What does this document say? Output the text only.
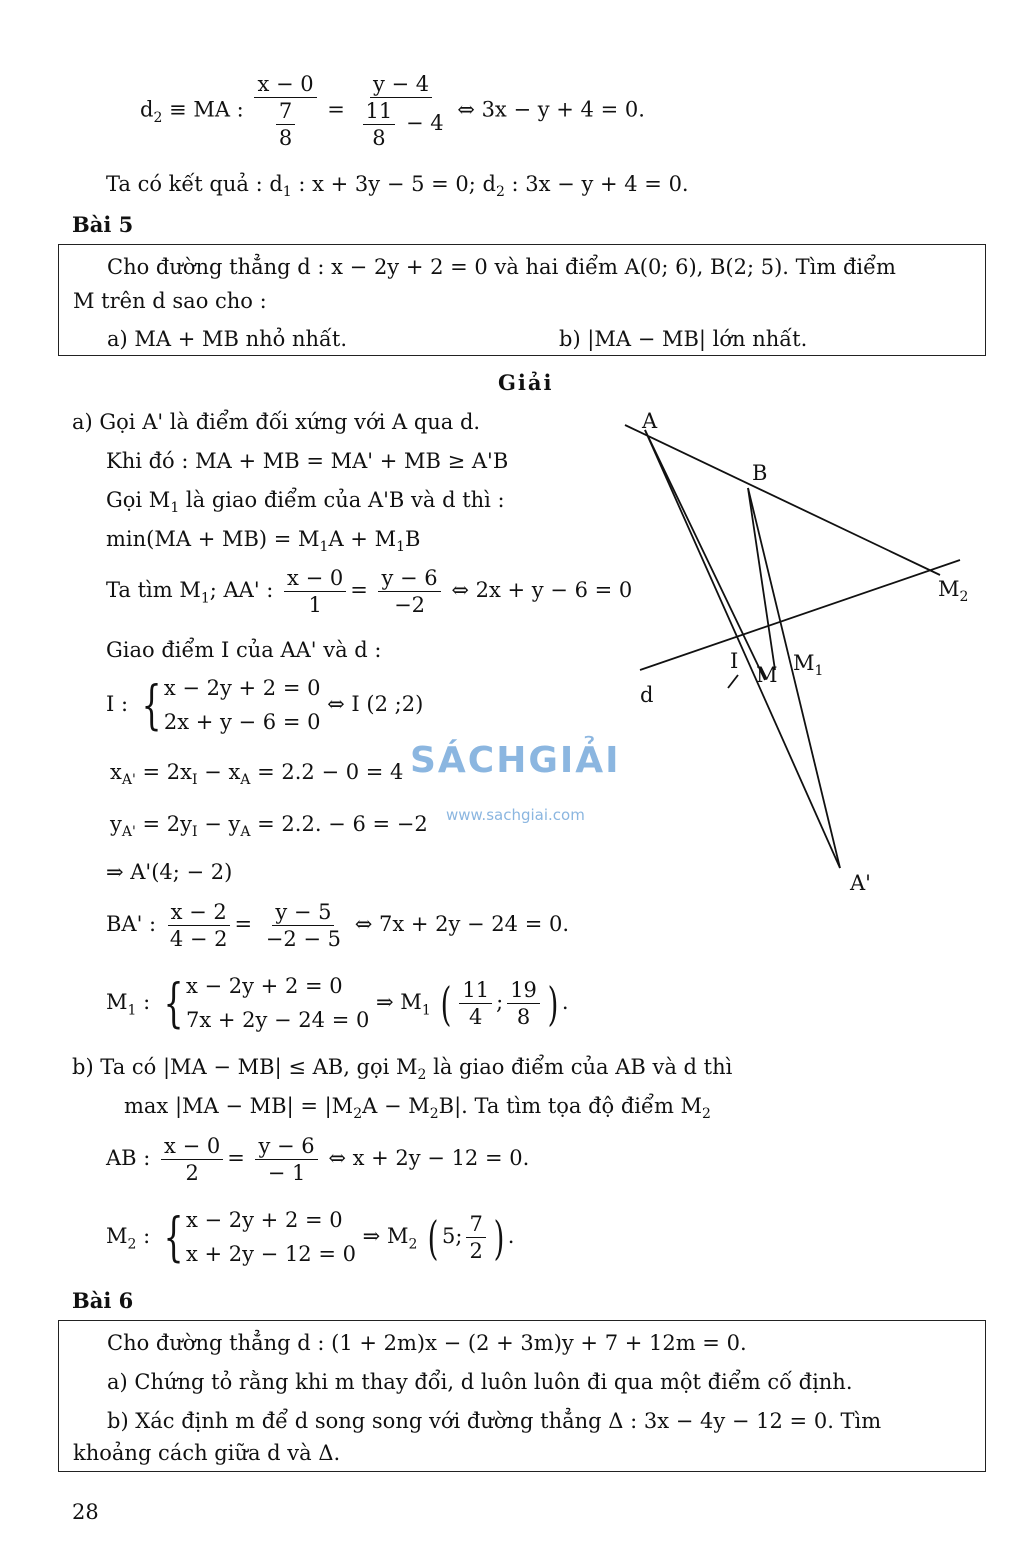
$d_2$ ≡ MA : $\frac{x - 0}{\frac{7}{8}} = \frac{y - 4}{\frac{11}{8} - 4}$ ⇔ 3x − y + 4 = 0.
Ta có kết quả : $d_1$ : x + 3y − 5 = 0; $d_2$ : 3x − y + 4 = 0.
Bài 5
Cho đường thẳng d : x − 2y + 2 = 0 và hai điểm A(0; 6), B(2; 5). Tìm điểm
M trên d sao cho :
a) MA + MB nhỏ nhất.	b) |MA − MB| lớn nhất.
Giải
a) Gọi A' là điểm đối xứng với A qua d.
Khi đó : MA + MB = MA' + MB ≥ A'B
Gọi $M_1$ là giao điểm của A'B và d thì :
$\min(MA + MB) = M_1A + M_1B$
Ta tìm $M_1$; AA' : $\frac{x - 0}{1} = \frac{y - 6}{-2}$ ⇔ 2x + y − 6 = 0
Giao điểm I của AA' và d :
I : { x − 2y + 2 = 0
2x + y − 6 = 0
⇔ I (2 ;2)
$x_{A'} = 2x_I - x_A = 2.2 - 0 = 4$
$y_{A'} = 2y_I - y_A = 2.2$. − 6 = −2
⇒ A'(4; − 2)
BA' : $\frac{x - 2}{4 - 2} = \frac{y - 5}{-2 - 5}$ ⇔ 7x + 2y − 24 = 0.
$M_1$ : { x − 2y + 2 = 0
7x + 2y − 24 = 0
⇒ $M_1$ ( $\frac{11}{4}$ ; $\frac{19}{8}$ ) .
b) Ta có |MA − MB| ≤ AB, gọi $M_2$ là giao điểm của AB và d thì
$\max |MA - MB| = |M_2A - M_2B|$. Ta tìm tọa độ điểm $M_2$
AB : $\frac{x - 0}{2} = \frac{y - 6}{- 1}$ ⇔ x + 2y − 12 = 0.
$M_2$ : { x − 2y + 2 = 0
x + 2y − 12 = 0
⇒ $M_2$ ( 5; $\frac{7}{2}$ ) .
Bài 6
Cho đường thẳng d : (1 + 2m)x − (2 + 3m)y + 7 + 12m = 0.
a) Chứng tỏ rằng khi m thay đổi, d luôn luôn đi qua một điểm cố định.
b) Xác định m để d song song với đường thẳng Δ : 3x − 4y − 12 = 0. Tìm
khoảng cách giữa d và Δ.
28
SÁCHGIẢI
www.sachgiai.com
A
B
$M_2$
I
M $M_1$
d
A'
